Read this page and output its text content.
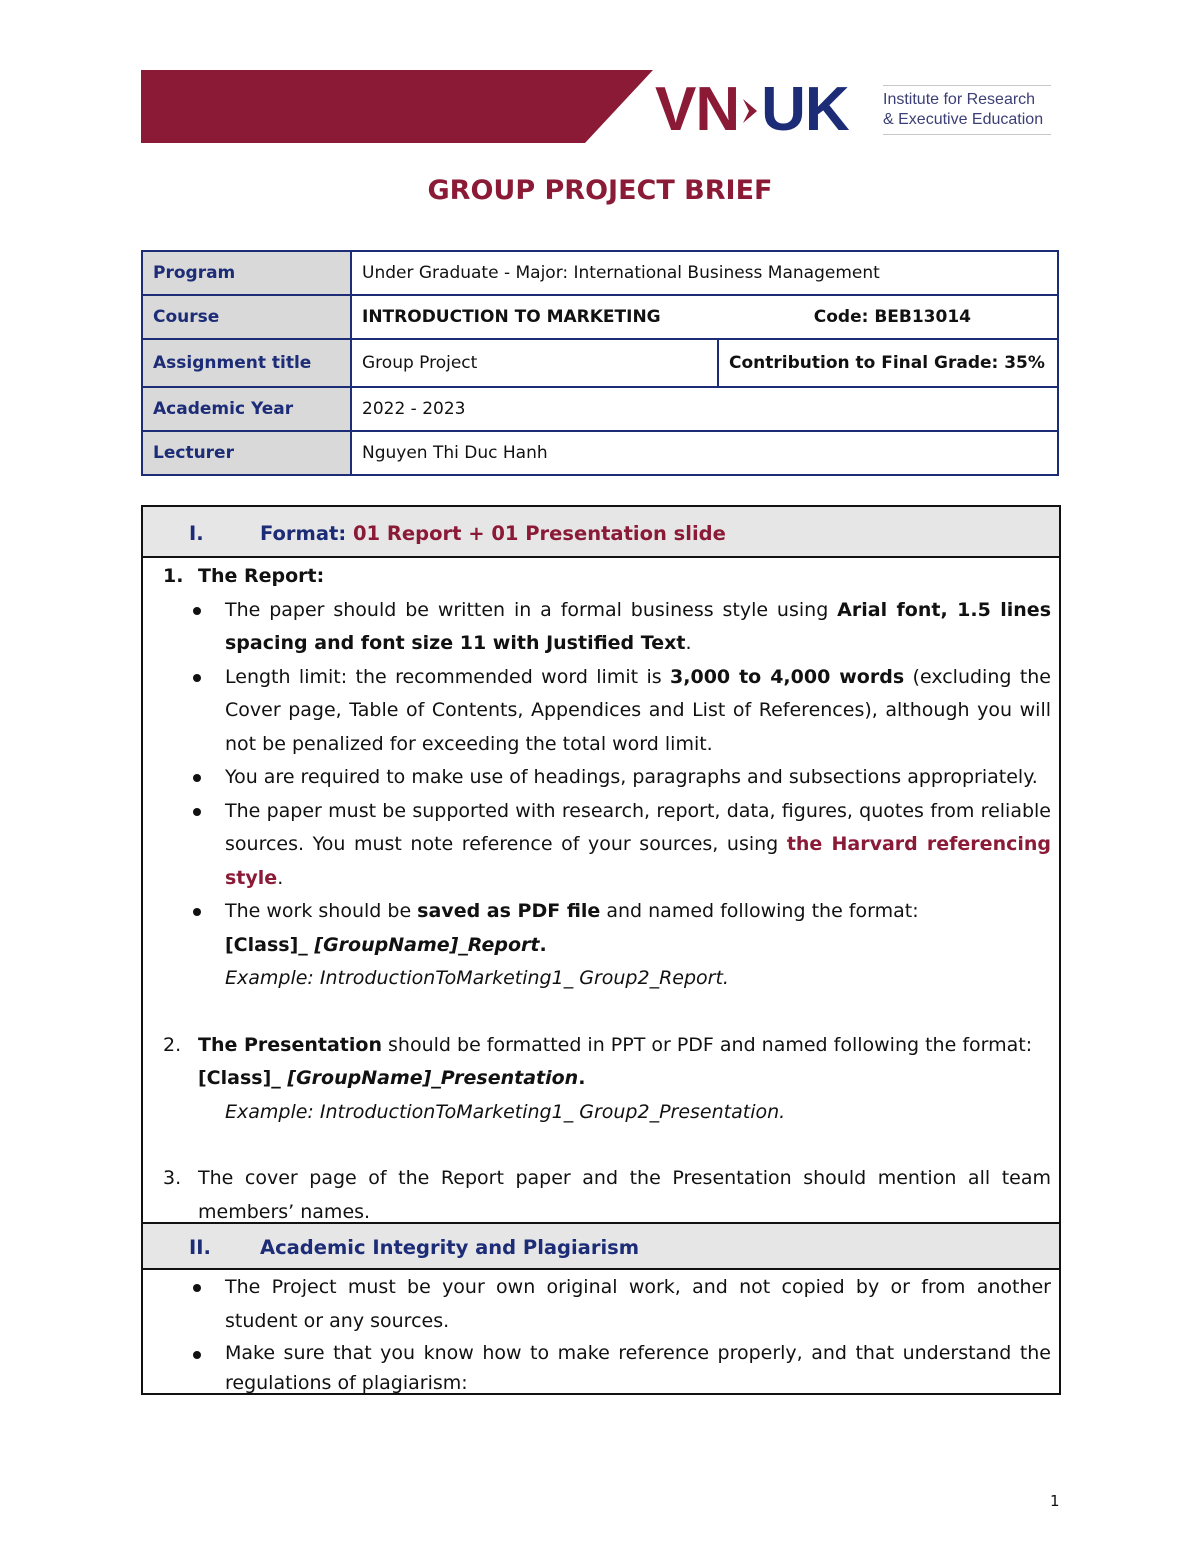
VN UK Institute for Research
& Executive Education
GROUP PROJECT BRIEF
Program	Under Graduate - Major: International Business Management	
Course	INTRODUCTION TO MARKETING Code: BEB13014	

Assignment title	Group Project	Contribution to Final Grade: 35%
Academic Year	2022 - 2023	
Lecturer	Nguyen Thi Duc Hanh	
I.	Format: 01 Report + 01 Presentation slide
1. The Report:
The paper should be written in a formal business style using Arial font, 1.5 lines spacing and font size 11 with Justified Text.
Length limit: the recommended word limit is 3,000 to 4,000 words (excluding the Cover page, Table of Contents, Appendices and List of References), although you will not be penalized for exceeding the total word limit.
You are required to make use of headings, paragraphs and subsections appropriately.
The paper must be supported with research, report, data, figures, quotes from reliable sources. You must note reference of your sources, using the Harvard referencing style.
The work should be saved as PDF file and named following the format:
[Class]_ [GroupName]_Report.
Example: IntroductionToMarketing1_ Group2_Report.
2. The Presentation should be formatted in PPT or PDF and named following the format:
[Class]_ [GroupName]_Presentation.
Example: IntroductionToMarketing1_ Group2_Presentation.
3. The cover page of the Report paper and the Presentation should mention all team members’ names.
II.	Academic Integrity and Plagiarism
The Project must be your own original work, and not copied by or from another student or any sources.
Make sure that you know how to make reference properly, and that understand the regulations of plagiarism:
1
